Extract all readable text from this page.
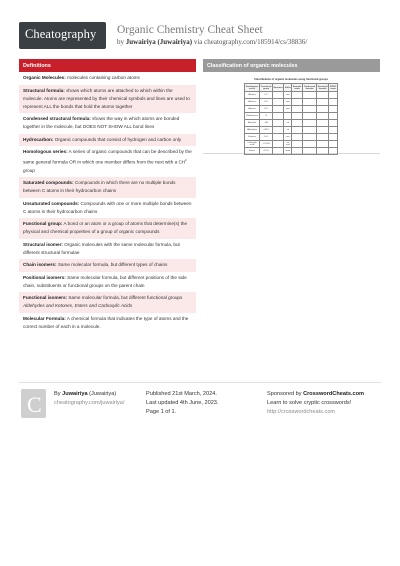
Cheatography Organic Chemistry Cheat Sheet
by Juwairiya (Juwairiya) via cheatography.com/185914/cs/38836/
Definitions
Organic Molecules: molecules containing carbon atoms
Structural formula: shows which atoms are attached to which within the molecule. Atoms are represented by their chemical symbols and lines are used to represent ALL the bonds that hold the atoms together
Condensed structural formula: shows the way in which atoms are bonded together in the molecule, but DOES NOT SHOW ALL bond lines
Hydrocarbon: Organic compounds that consist of hydrogen and carbon only
Homologous series: A series of organic compounds that can be described by the same general formula OR in which one member differs from the next with a $CH^2$ group
Saturated compounds: Compounds in which there are no multiple bonds between C atoms in their hydrocarbon chains
Unsaturated compounds: Compounds with one or more multiple bonds between C atoms in their hydrocarbon chains
Functional group: A bond or an atom or a group of atoms that determine(s) the physical and chemical properties of a group of organic compounds
Structural isomer: Organic molecules with the same molecular formula, but different structural formulae
Chain isomers: Same molecular formula, but different types of chains
Positional isomers: Same molecular formula, but different positions of the side chain, substituents or functional groups on the parent chain
Functional isomers: Same molecular formula, but different functional groups Aldehydes and Ketones, Esters and Carboxylic Acids
Molecular Formula: A chemical formula that indicates the type of atoms and the correct number of each in a molecule.
Classification of organic molecules
Classification of organic molecules using functional groups
Homologous series	Functional group	Structure	Suffix	Example name	Condensed formula	Structural formula	IUPAC name
Alkanes	C-C		-ane				
Alkenes	C=C		-ene				
Alkynes	C≡C		-yne				
Haloalkanes	-X						
Alcohols	-OH		-ol				
Aldehydes	-CHO		-al				
Ketones	C=O		-one				
Carboxylic acids	-COOH		-oic acid				
Esters	-COO-		-oate				
C By Juwairiya (Juwairiya)
cheatography.com/juwairiya/
Published 21st March, 2024.
Last updated 4th June, 2023.
Page 1 of 1.
Sponsored by CrosswordCheats.com
Learn to solve cryptic crosswords!
http://crosswordcheats.com
